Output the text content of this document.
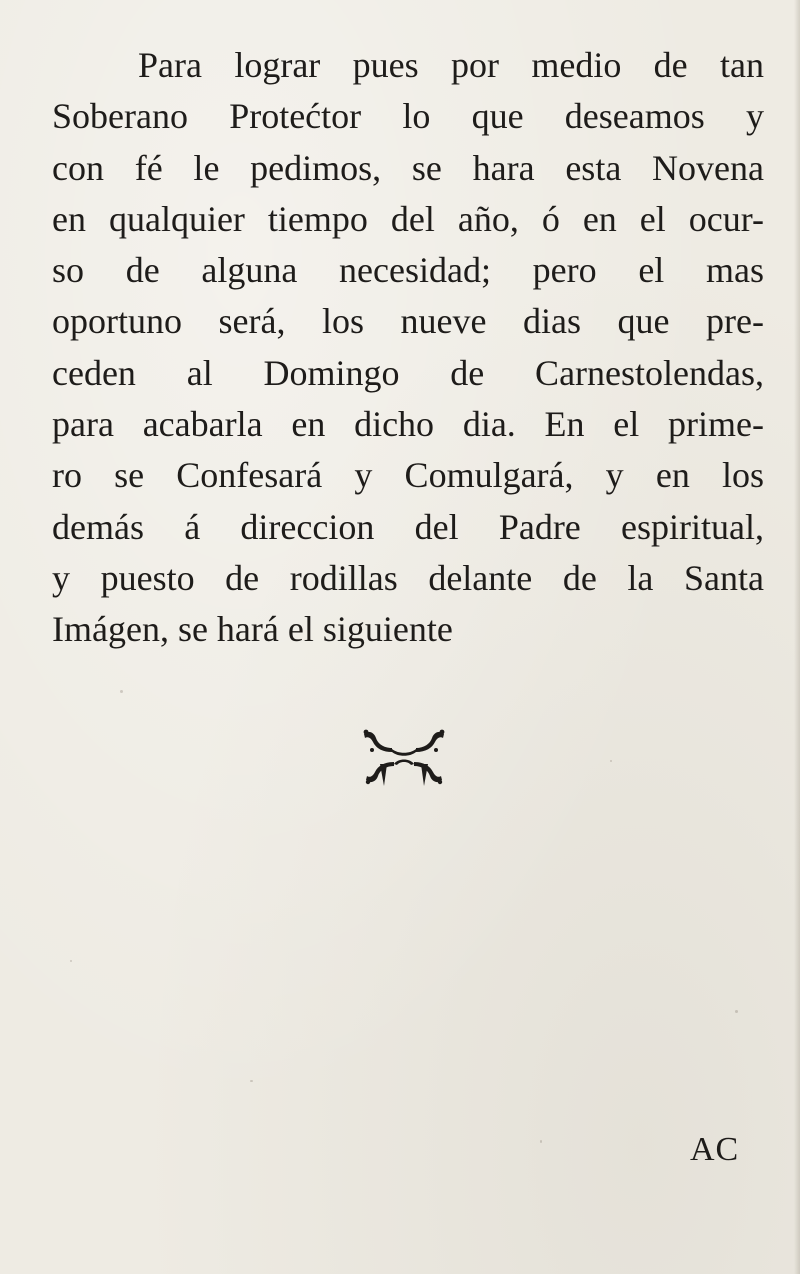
Para lograr pues por medio de tan
Soberano Protećtor lo que deseamos y
con fé le pedimos, se hara esta Novena
en qualquier tiempo del año, ó en el ocur-
so de alguna necesidad; pero el mas
oportuno será, los nueve dias que pre-
ceden al Domingo de Carnestolendas,
para acabarla en dicho dia. En el prime-
ro se Confesará y Comulgará, y en los
demás á direccion del Padre espiritual,
y puesto de rodillas delante de la Santa
Imágen, se hará el siguiente
AC
